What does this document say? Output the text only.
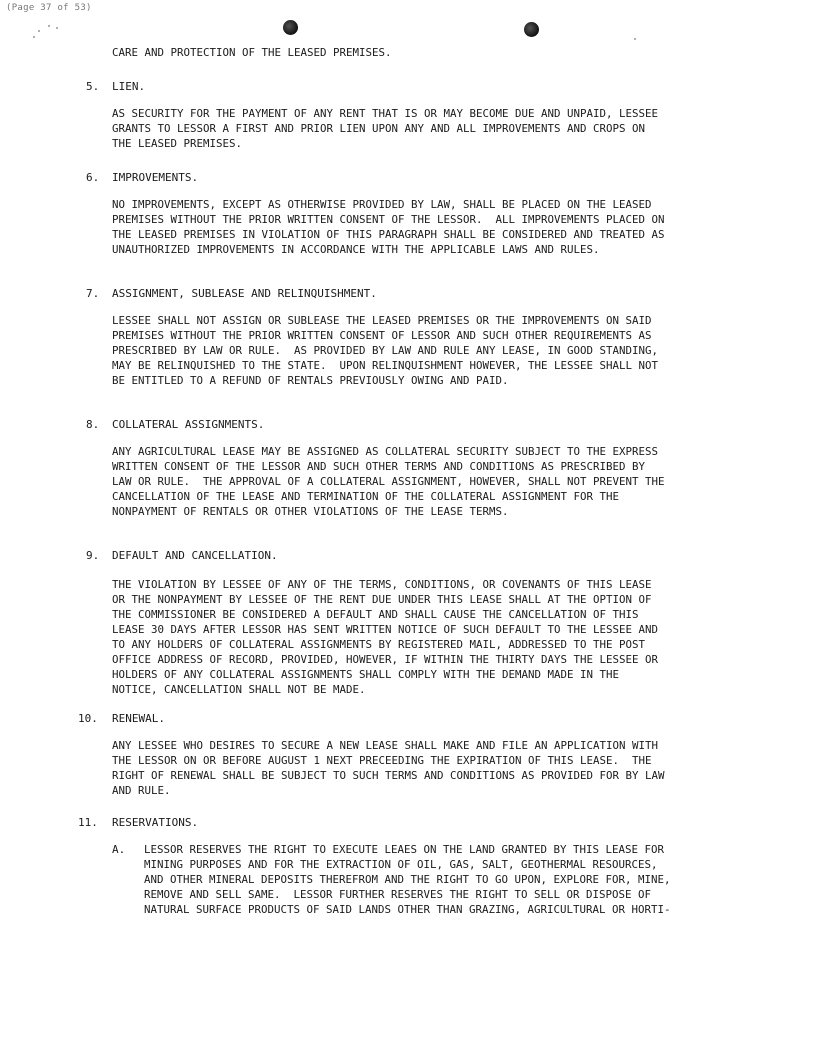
(Page 37 of 53)
CARE AND PROTECTION OF THE LEASED PREMISES.
5. LIEN.
AS SECURITY FOR THE PAYMENT OF ANY RENT THAT IS OR MAY BECOME DUE AND UNPAID, LESSEE
GRANTS TO LESSOR A FIRST AND PRIOR LIEN UPON ANY AND ALL IMPROVEMENTS AND CROPS ON
THE LEASED PREMISES.
6. IMPROVEMENTS.
NO IMPROVEMENTS, EXCEPT AS OTHERWISE PROVIDED BY LAW, SHALL BE PLACED ON THE LEASED
PREMISES WITHOUT THE PRIOR WRITTEN CONSENT OF THE LESSOR.  ALL IMPROVEMENTS PLACED ON
THE LEASED PREMISES IN VIOLATION OF THIS PARAGRAPH SHALL BE CONSIDERED AND TREATED AS
UNAUTHORIZED IMPROVEMENTS IN ACCORDANCE WITH THE APPLICABLE LAWS AND RULES.
7. ASSIGNMENT, SUBLEASE AND RELINQUISHMENT.
LESSEE SHALL NOT ASSIGN OR SUBLEASE THE LEASED PREMISES OR THE IMPROVEMENTS ON SAID
PREMISES WITHOUT THE PRIOR WRITTEN CONSENT OF LESSOR AND SUCH OTHER REQUIREMENTS AS
PRESCRIBED BY LAW OR RULE.  AS PROVIDED BY LAW AND RULE ANY LEASE, IN GOOD STANDING,
MAY BE RELINQUISHED TO THE STATE.  UPON RELINQUISHMENT HOWEVER, THE LESSEE SHALL NOT
BE ENTITLED TO A REFUND OF RENTALS PREVIOUSLY OWING AND PAID.
8. COLLATERAL ASSIGNMENTS.
ANY AGRICULTURAL LEASE MAY BE ASSIGNED AS COLLATERAL SECURITY SUBJECT TO THE EXPRESS
WRITTEN CONSENT OF THE LESSOR AND SUCH OTHER TERMS AND CONDITIONS AS PRESCRIBED BY
LAW OR RULE.  THE APPROVAL OF A COLLATERAL ASSIGNMENT, HOWEVER, SHALL NOT PREVENT THE
CANCELLATION OF THE LEASE AND TERMINATION OF THE COLLATERAL ASSIGNMENT FOR THE
NONPAYMENT OF RENTALS OR OTHER VIOLATIONS OF THE LEASE TERMS.
9. DEFAULT AND CANCELLATION.
THE VIOLATION BY LESSEE OF ANY OF THE TERMS, CONDITIONS, OR COVENANTS OF THIS LEASE
OR THE NONPAYMENT BY LESSEE OF THE RENT DUE UNDER THIS LEASE SHALL AT THE OPTION OF
THE COMMISSIONER BE CONSIDERED A DEFAULT AND SHALL CAUSE THE CANCELLATION OF THIS
LEASE 30 DAYS AFTER LESSOR HAS SENT WRITTEN NOTICE OF SUCH DEFAULT TO THE LESSEE AND
TO ANY HOLDERS OF COLLATERAL ASSIGNMENTS BY REGISTERED MAIL, ADDRESSED TO THE POST
OFFICE ADDRESS OF RECORD, PROVIDED, HOWEVER, IF WITHIN THE THIRTY DAYS THE LESSEE OR
HOLDERS OF ANY COLLATERAL ASSIGNMENTS SHALL COMPLY WITH THE DEMAND MADE IN THE
NOTICE, CANCELLATION SHALL NOT BE MADE.
10. RENEWAL.
ANY LESSEE WHO DESIRES TO SECURE A NEW LEASE SHALL MAKE AND FILE AN APPLICATION WITH
THE LESSOR ON OR BEFORE AUGUST 1 NEXT PRECEEDING THE EXPIRATION OF THIS LEASE.  THE
RIGHT OF RENEWAL SHALL BE SUBJECT TO SUCH TERMS AND CONDITIONS AS PROVIDED FOR BY LAW
AND RULE.
11. RESERVATIONS.
A. LESSOR RESERVES THE RIGHT TO EXECUTE LEAES ON THE LAND GRANTED BY THIS LEASE FOR
MINING PURPOSES AND FOR THE EXTRACTION OF OIL, GAS, SALT, GEOTHERMAL RESOURCES,
AND OTHER MINERAL DEPOSITS THEREFROM AND THE RIGHT TO GO UPON, EXPLORE FOR, MINE,
REMOVE AND SELL SAME.  LESSOR FURTHER RESERVES THE RIGHT TO SELL OR DISPOSE OF
NATURAL SURFACE PRODUCTS OF SAID LANDS OTHER THAN GRAZING, AGRICULTURAL OR HORTI-
